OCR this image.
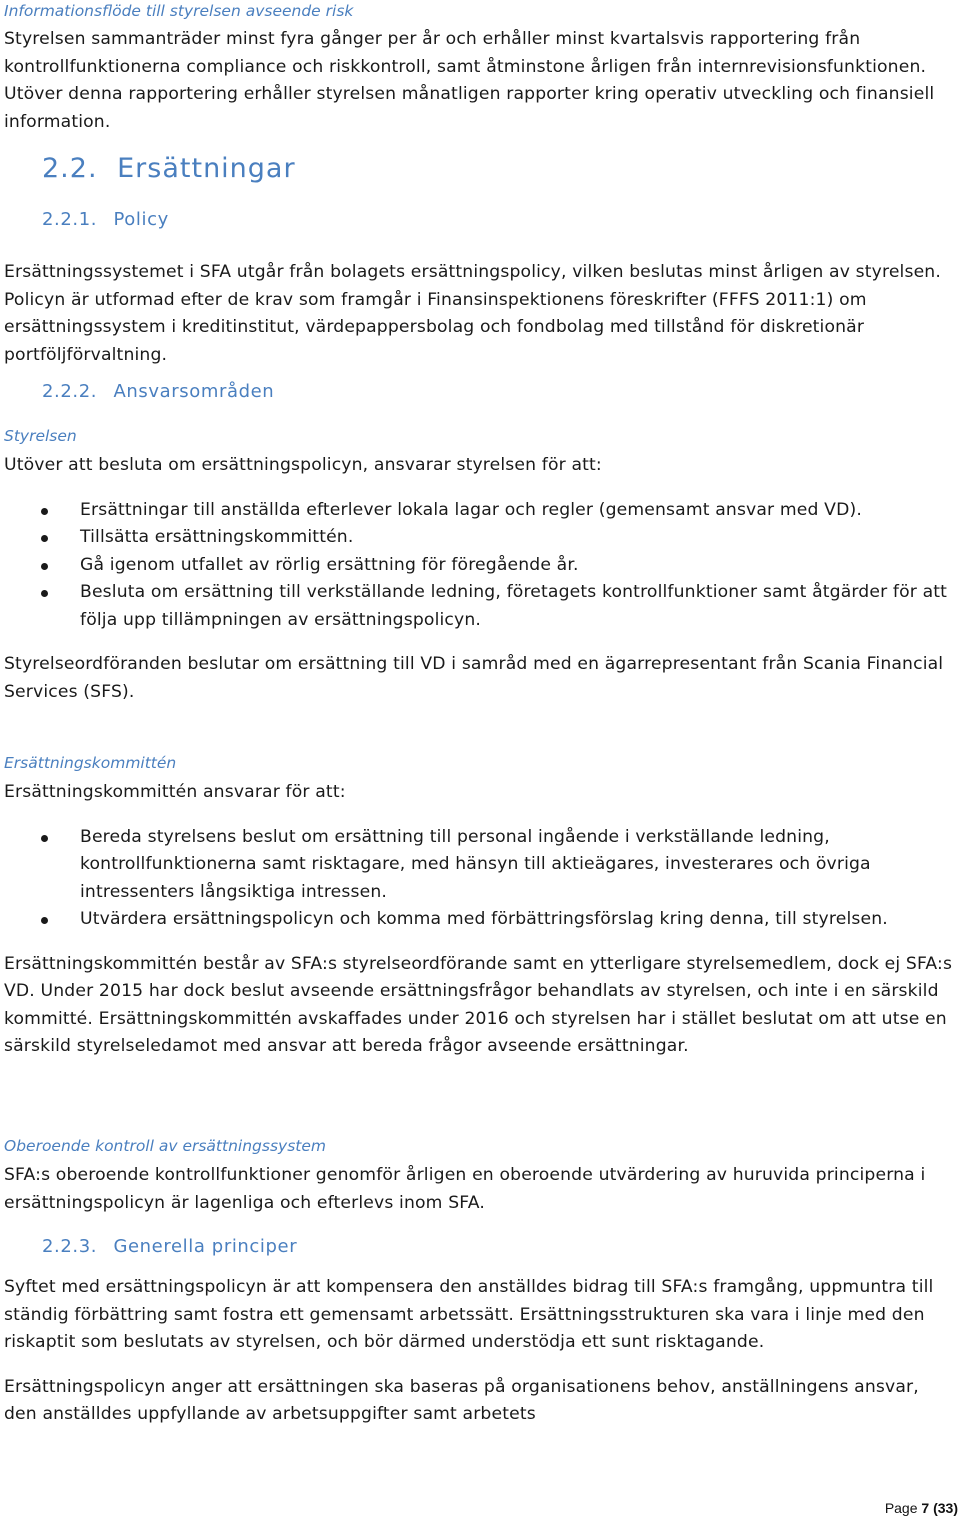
Informationsflöde till styrelsen avseende risk

Styrelsen sammanträder minst fyra gånger per år och erhåller minst kvartalsvis rapportering från kontrollfunktionerna compliance och riskkontroll, samt åtminstone årligen från internrevisionsfunktionen. Utöver denna rapportering erhåller styrelsen månatligen rapporter kring operativ utveckling och finansiell information.

2.2. Ersättningar

2.2.1. Policy

Ersättningssystemet i SFA utgår från bolagets ersättningspolicy, vilken beslutas minst årligen av styrelsen. Policyn är utformad efter de krav som framgår i Finansinspektionens föreskrifter (FFFS 2011:1) om ersättningssystem i kreditinstitut, värdepappersbolag och fondbolag med tillstånd för diskretionär portföljförvaltning.

2.2.2. Ansvarsområden

Styrelsen

Utöver att besluta om ersättningspolicyn, ansvarar styrelsen för att:

Ersättningar till anställda efterlever lokala lagar och regler (gemensamt ansvar med VD).
Tillsätta ersättningskommittén.
Gå igenom utfallet av rörlig ersättning för föregående år.
Besluta om ersättning till verkställande ledning, företagets kontrollfunktioner samt åtgärder för att följa upp tillämpningen av ersättningspolicyn.

Styrelseordföranden beslutar om ersättning till VD i samråd med en ägarrepresentant från Scania Financial Services (SFS).

Ersättningskommittén

Ersättningskommittén ansvarar för att:

Bereda styrelsens beslut om ersättning till personal ingående i verkställande ledning, kontrollfunktionerna samt risktagare, med hänsyn till aktieägares, investerares och övriga intressenters långsiktiga intressen.
Utvärdera ersättningspolicyn och komma med förbättringsförslag kring denna, till styrelsen.

Ersättningskommittén består av SFA:s styrelseordförande samt en ytterligare styrelsemedlem, dock ej SFA:s VD. Under 2015 har dock beslut avseende ersättningsfrågor behandlats av styrelsen, och inte i en särskild kommitté. Ersättningskommittén avskaffades under 2016 och styrelsen har i stället beslutat om att utse en särskild styrelseledamot med ansvar att bereda frågor avseende ersättningar.

Oberoende kontroll av ersättningssystem

SFA:s oberoende kontrollfunktioner genomför årligen en oberoende utvärdering av huruvida principerna i ersättningspolicyn är lagenliga och efterlevs inom SFA.

2.2.3. Generella principer

Syftet med ersättningspolicyn är att kompensera den anställdes bidrag till SFA:s framgång, uppmuntra till ständig förbättring samt fostra ett gemensamt arbetssätt. Ersättningsstrukturen ska vara i linje med den riskaptit som beslutats av styrelsen, och bör därmed understödja ett sunt risktagande.

Ersättningspolicyn anger att ersättningen ska baseras på organisationens behov, anställningens ansvar, den anställdes uppfyllande av arbetsuppgifter samt arbetets

Page 7 (33)
